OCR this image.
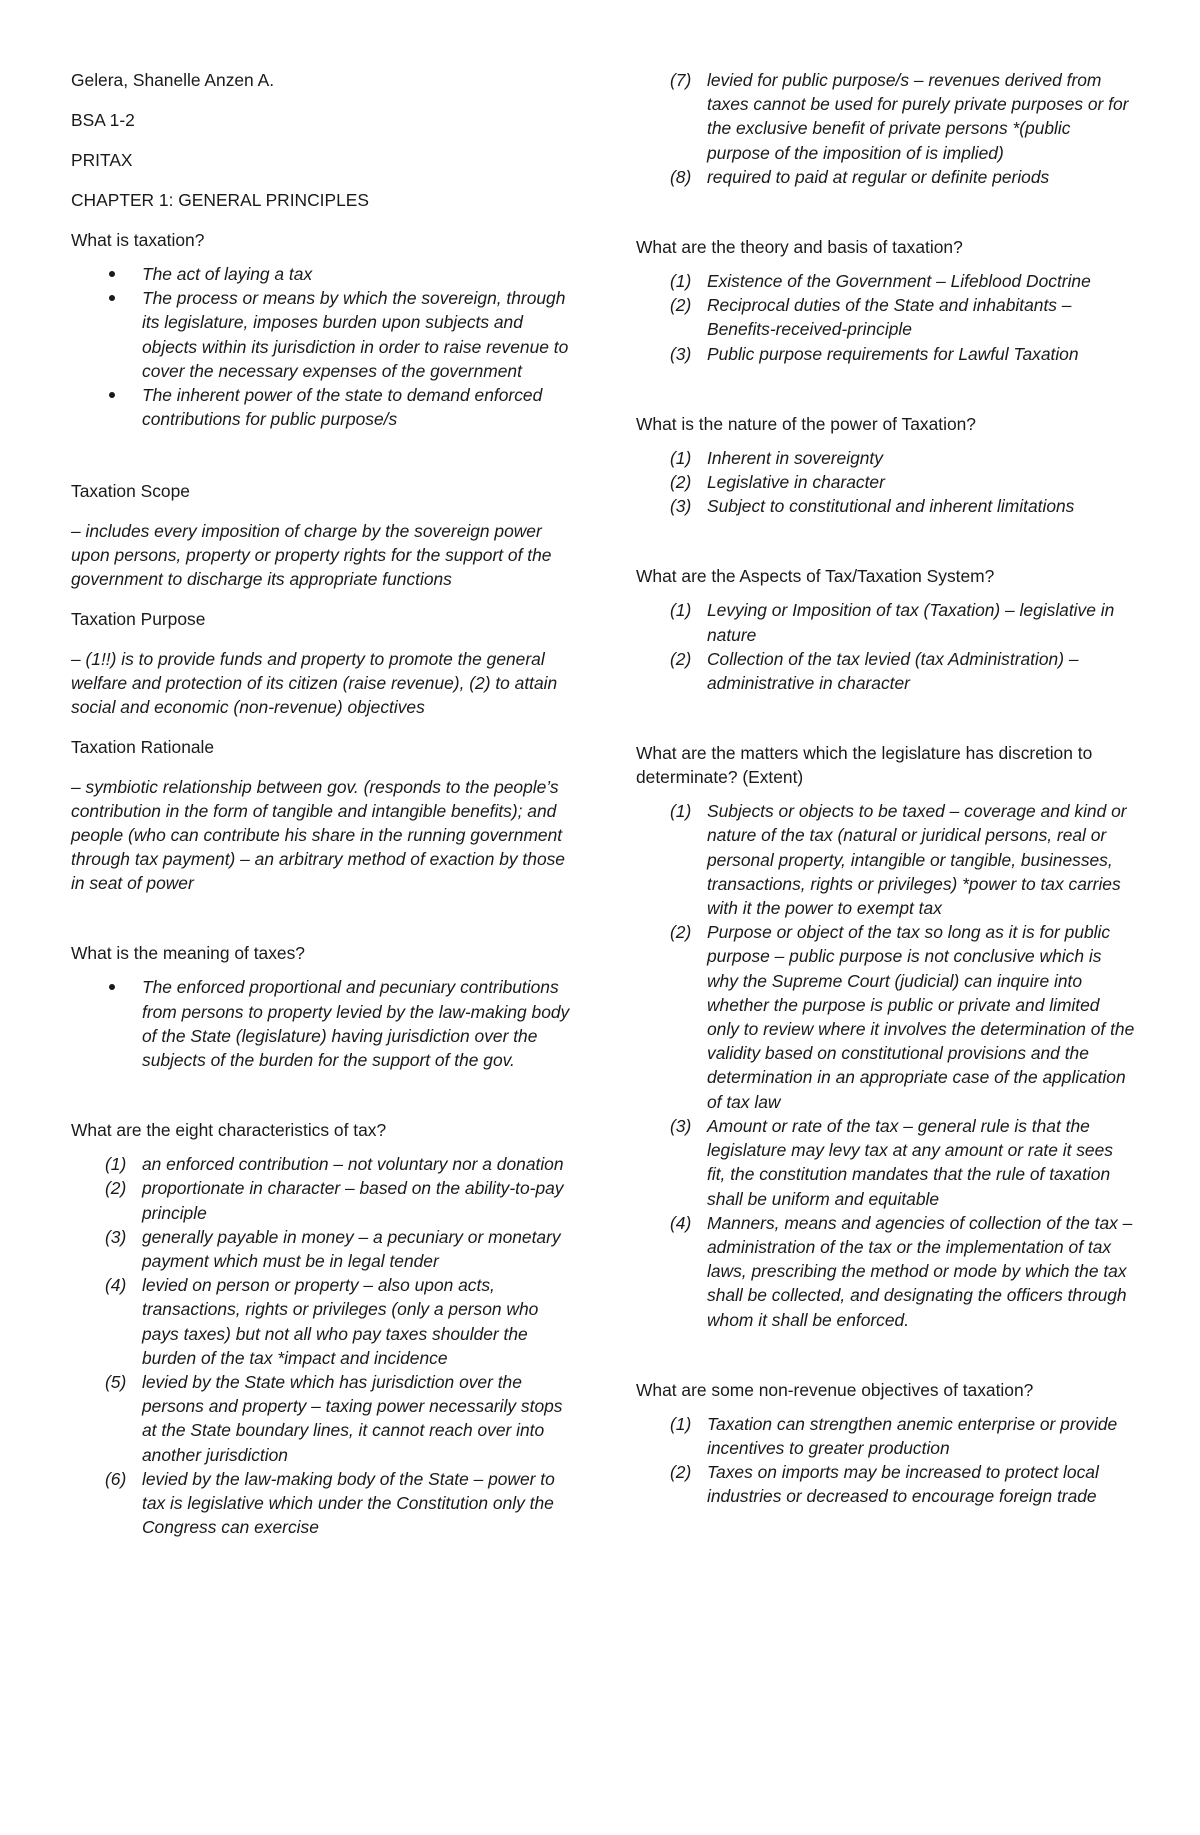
Gelera, Shanelle Anzen A.

BSA 1-2

PRITAX

CHAPTER 1: GENERAL PRINCIPLES

What is taxation?

The act of laying a tax
The process or means by which the sovereign, through its legislature, imposes burden upon subjects and objects within its jurisdiction in order to raise revenue to cover the necessary expenses of the government
The inherent power of the state to demand enforced contributions for public purpose/s

Taxation Scope

– includes every imposition of charge by the sovereign power upon persons, property or property rights for the support of the government to discharge its appropriate functions

Taxation Purpose

– (1!!) is to provide funds and property to promote the general welfare and protection of its citizen (raise revenue), (2) to attain social and economic (non-revenue) objectives

Taxation Rationale

– symbiotic relationship between gov. (responds to the people’s contribution in the form of tangible and intangible benefits); and people (who can contribute his share in the running government through tax payment) – an arbitrary method of exaction by those in seat of power

What is the meaning of taxes?

The enforced proportional and pecuniary contributions from persons to property levied by the law-making body of the State (legislature) having jurisdiction over the subjects of the burden for the support of the gov.

What are the eight characteristics of tax?

(1) an enforced contribution – not voluntary nor a donation
(2) proportionate in character – based on the ability-to-pay principle
(3) generally payable in money – a pecuniary or monetary payment which must be in legal tender
(4) levied on person or property – also upon acts, transactions, rights or privileges (only a person who pays taxes) but not all who pay taxes shoulder the burden of the tax *impact and incidence
(5) levied by the State which has jurisdiction over the persons and property – taxing power necessarily stops at the State boundary lines, it cannot reach over into another jurisdiction
(6) levied by the law-making body of the State – power to tax is legislative which under the Constitution only the Congress can exercise
(7) levied for public purpose/s – revenues derived from taxes cannot be used for purely private purposes or for the exclusive benefit of private persons *(public purpose of the imposition of is implied)
(8) required to paid at regular or definite periods

What are the theory and basis of taxation?

(1) Existence of the Government – Lifeblood Doctrine
(2) Reciprocal duties of the State and inhabitants – Benefits-received-principle
(3) Public purpose requirements for Lawful Taxation

What is the nature of the power of Taxation?

(1) Inherent in sovereignty
(2) Legislative in character
(3) Subject to constitutional and inherent limitations

What are the Aspects of Tax/Taxation System?

(1) Levying or Imposition of tax (Taxation) – legislative in nature
(2) Collection of the tax levied (tax Administration) – administrative in character

What are the matters which the legislature has discretion to determinate? (Extent)

(1) Subjects or objects to be taxed – coverage and kind or nature of the tax (natural or juridical persons, real or personal property, intangible or tangible, businesses, transactions, rights or privileges) *power to tax carries with it the power to exempt tax
(2) Purpose or object of the tax so long as it is for public purpose – public purpose is not conclusive which is why the Supreme Court (judicial) can inquire into whether the purpose is public or private and limited only to review where it involves the determination of the validity based on constitutional provisions and the determination in an appropriate case of the application of tax law
(3) Amount or rate of the tax – general rule is that the legislature may levy tax at any amount or rate it sees fit, the constitution mandates that the rule of taxation shall be uniform and equitable
(4) Manners, means and agencies of collection of the tax – administration of the tax or the implementation of tax laws, prescribing the method or mode by which the tax shall be collected, and designating the officers through whom it shall be enforced.

What are some non-revenue objectives of taxation?

(1) Taxation can strengthen anemic enterprise or provide incentives to greater production
(2) Taxes on imports may be increased to protect local industries or decreased to encourage foreign trade
